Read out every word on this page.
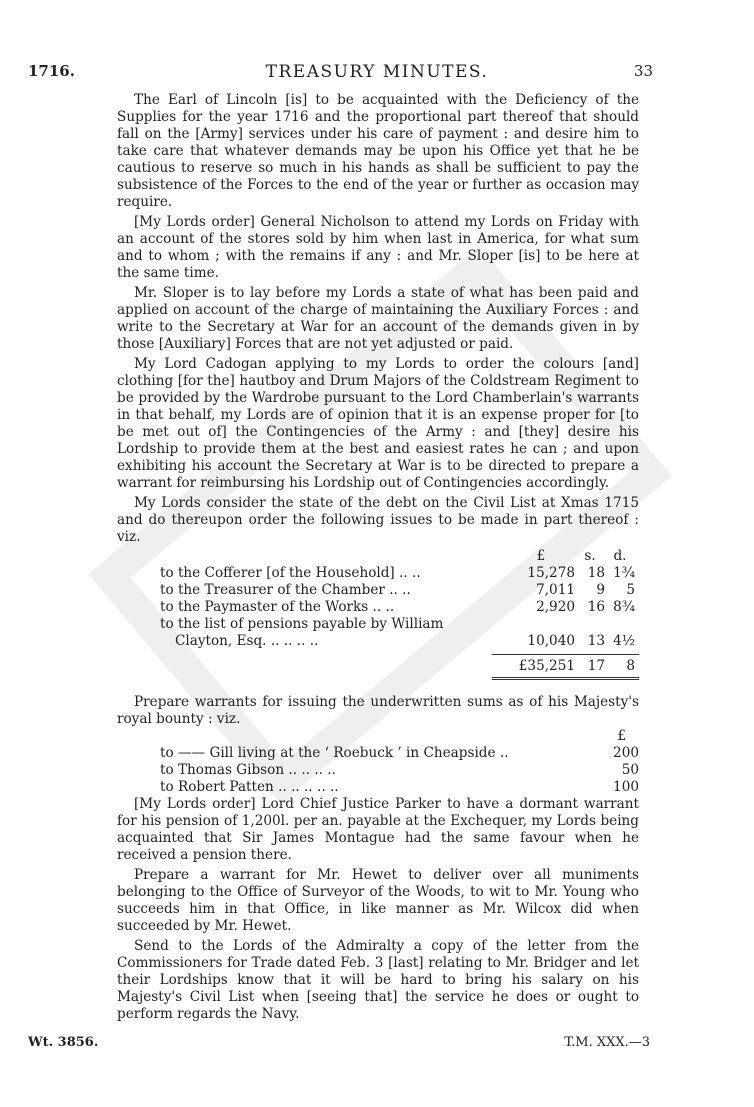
1716.	TREASURY MINUTES.	33

The Earl of Lincoln [is] to be acquainted with the Deficiency of the Supplies for the year 1716 and the proportional part thereof that should fall on the [Army] services under his care of payment : and desire him to take care that whatever demands may be upon his Office yet that he be cautious to reserve so much in his hands as shall be sufficient to pay the subsistence of the Forces to the end of the year or further as occasion may require.

[My Lords order] General Nicholson to attend my Lords on Friday with an account of the stores sold by him when last in America, for what sum and to whom ; with the remains if any : and Mr. Sloper [is] to be here at the same time.

Mr. Sloper is to lay before my Lords a state of what has been paid and applied on account of the charge of maintaining the Auxiliary Forces : and write to the Secretary at War for an account of the demands given in by those [Auxiliary] Forces that are not yet adjusted or paid.

My Lord Cadogan applying to my Lords to order the colours [and] clothing [for the] hautboy and Drum Majors of the Coldstream Regiment to be provided by the Wardrobe pursuant to the Lord Chamberlain's warrants in that behalf, my Lords are of opinion that it is an expense proper for [to be met out of] the Contingencies of the Army : and [they] desire his Lordship to provide them at the best and easiest rates he can ; and upon exhibiting his account the Secretary at War is to be directed to prepare a warrant for reimbursing his Lordship out of Contingencies accordingly.

My Lords consider the state of the debt on the Civil List at Xmas 1715 and do thereupon order the following issues to be made in part thereof : viz.

£	s.	d.
to the Cofferer [of the Household] .. ..	15,278 18 1¾
to the Treasurer of the Chamber .. ..	7,011	9	5
to the Paymaster of the Works .. ..	2,920 16 8¾
to the list of pensions payable by William
Clayton, Esq. .. .. .. ..	10,040 13 4½
£35,251 17	8

Prepare warrants for issuing the underwritten sums as of his Majesty's royal bounty : viz.

£
to —— Gill living at the ‘ Roebuck ’ in Cheapside ..	200
to Thomas Gibson .. .. .. ..	50
to Robert Patten .. .. .. .. ..	100

[My Lords order] Lord Chief Justice Parker to have a dormant warrant for his pension of 1,200l. per an. payable at the Exchequer, my Lords being acquainted that Sir James Montague had the same favour when he received a pension there.

Prepare a warrant for Mr. Hewet to deliver over all muniments belonging to the Office of Surveyor of the Woods, to wit to Mr. Young who succeeds him in that Office, in like manner as Mr. Wilcox did when succeeded by Mr. Hewet.

Send to the Lords of the Admiralty a copy of the letter from the Commissioners for Trade dated Feb. 3 [last] relating to Mr. Bridger and let their Lordships know that it will be hard to bring his salary on his Majesty's Civil List when [seeing that] the service he does or ought to perform regards the Navy.

Wt. 3856.	T.M. XXX.—3
